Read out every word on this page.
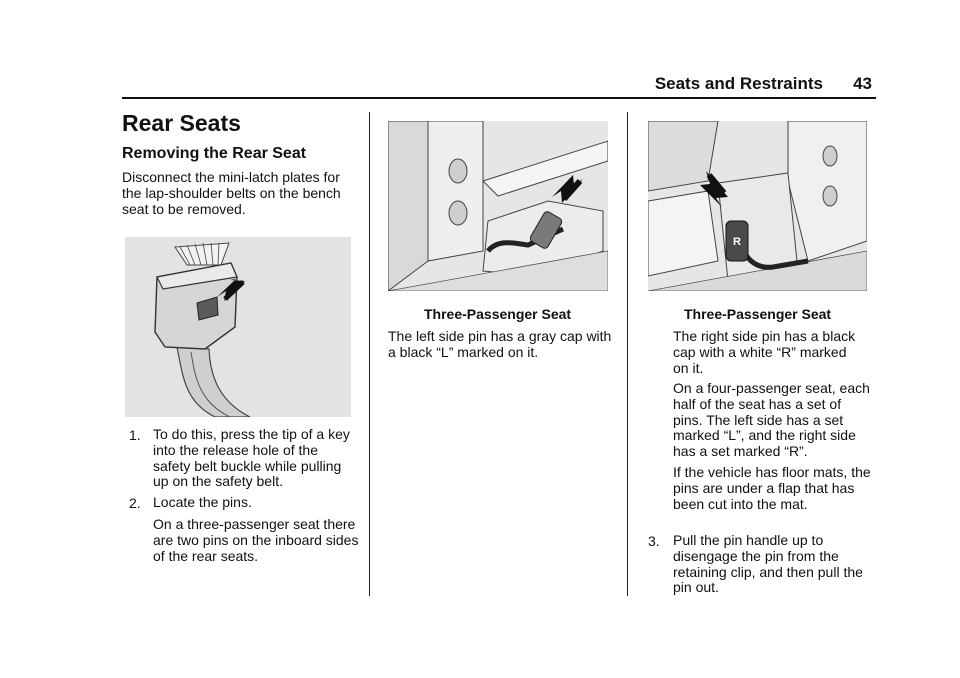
Seats and Restraints 43
Rear Seats
Removing the Rear Seat
Disconnect the mini-latch plates for the lap-shoulder belts on the bench seat to be removed.
1. To do this, press the tip of a key into the release hole of the safety belt buckle while pulling up on the safety belt.
2. Locate the pins.
On a three-passenger seat there are two pins on the inboard sides of the rear seats.
Three-Passenger Seat
The left side pin has a gray cap with a black “L” marked on it.
R
Three-Passenger Seat
The right side pin has a black cap with a white “R” marked on it.
On a four-passenger seat, each half of the seat has a set of pins. The left side has a set marked “L”, and the right side has a set marked “R”.
If the vehicle has floor mats, the pins are under a flap that has been cut into the mat.
3. Pull the pin handle up to disengage the pin from the retaining clip, and then pull the pin out.
